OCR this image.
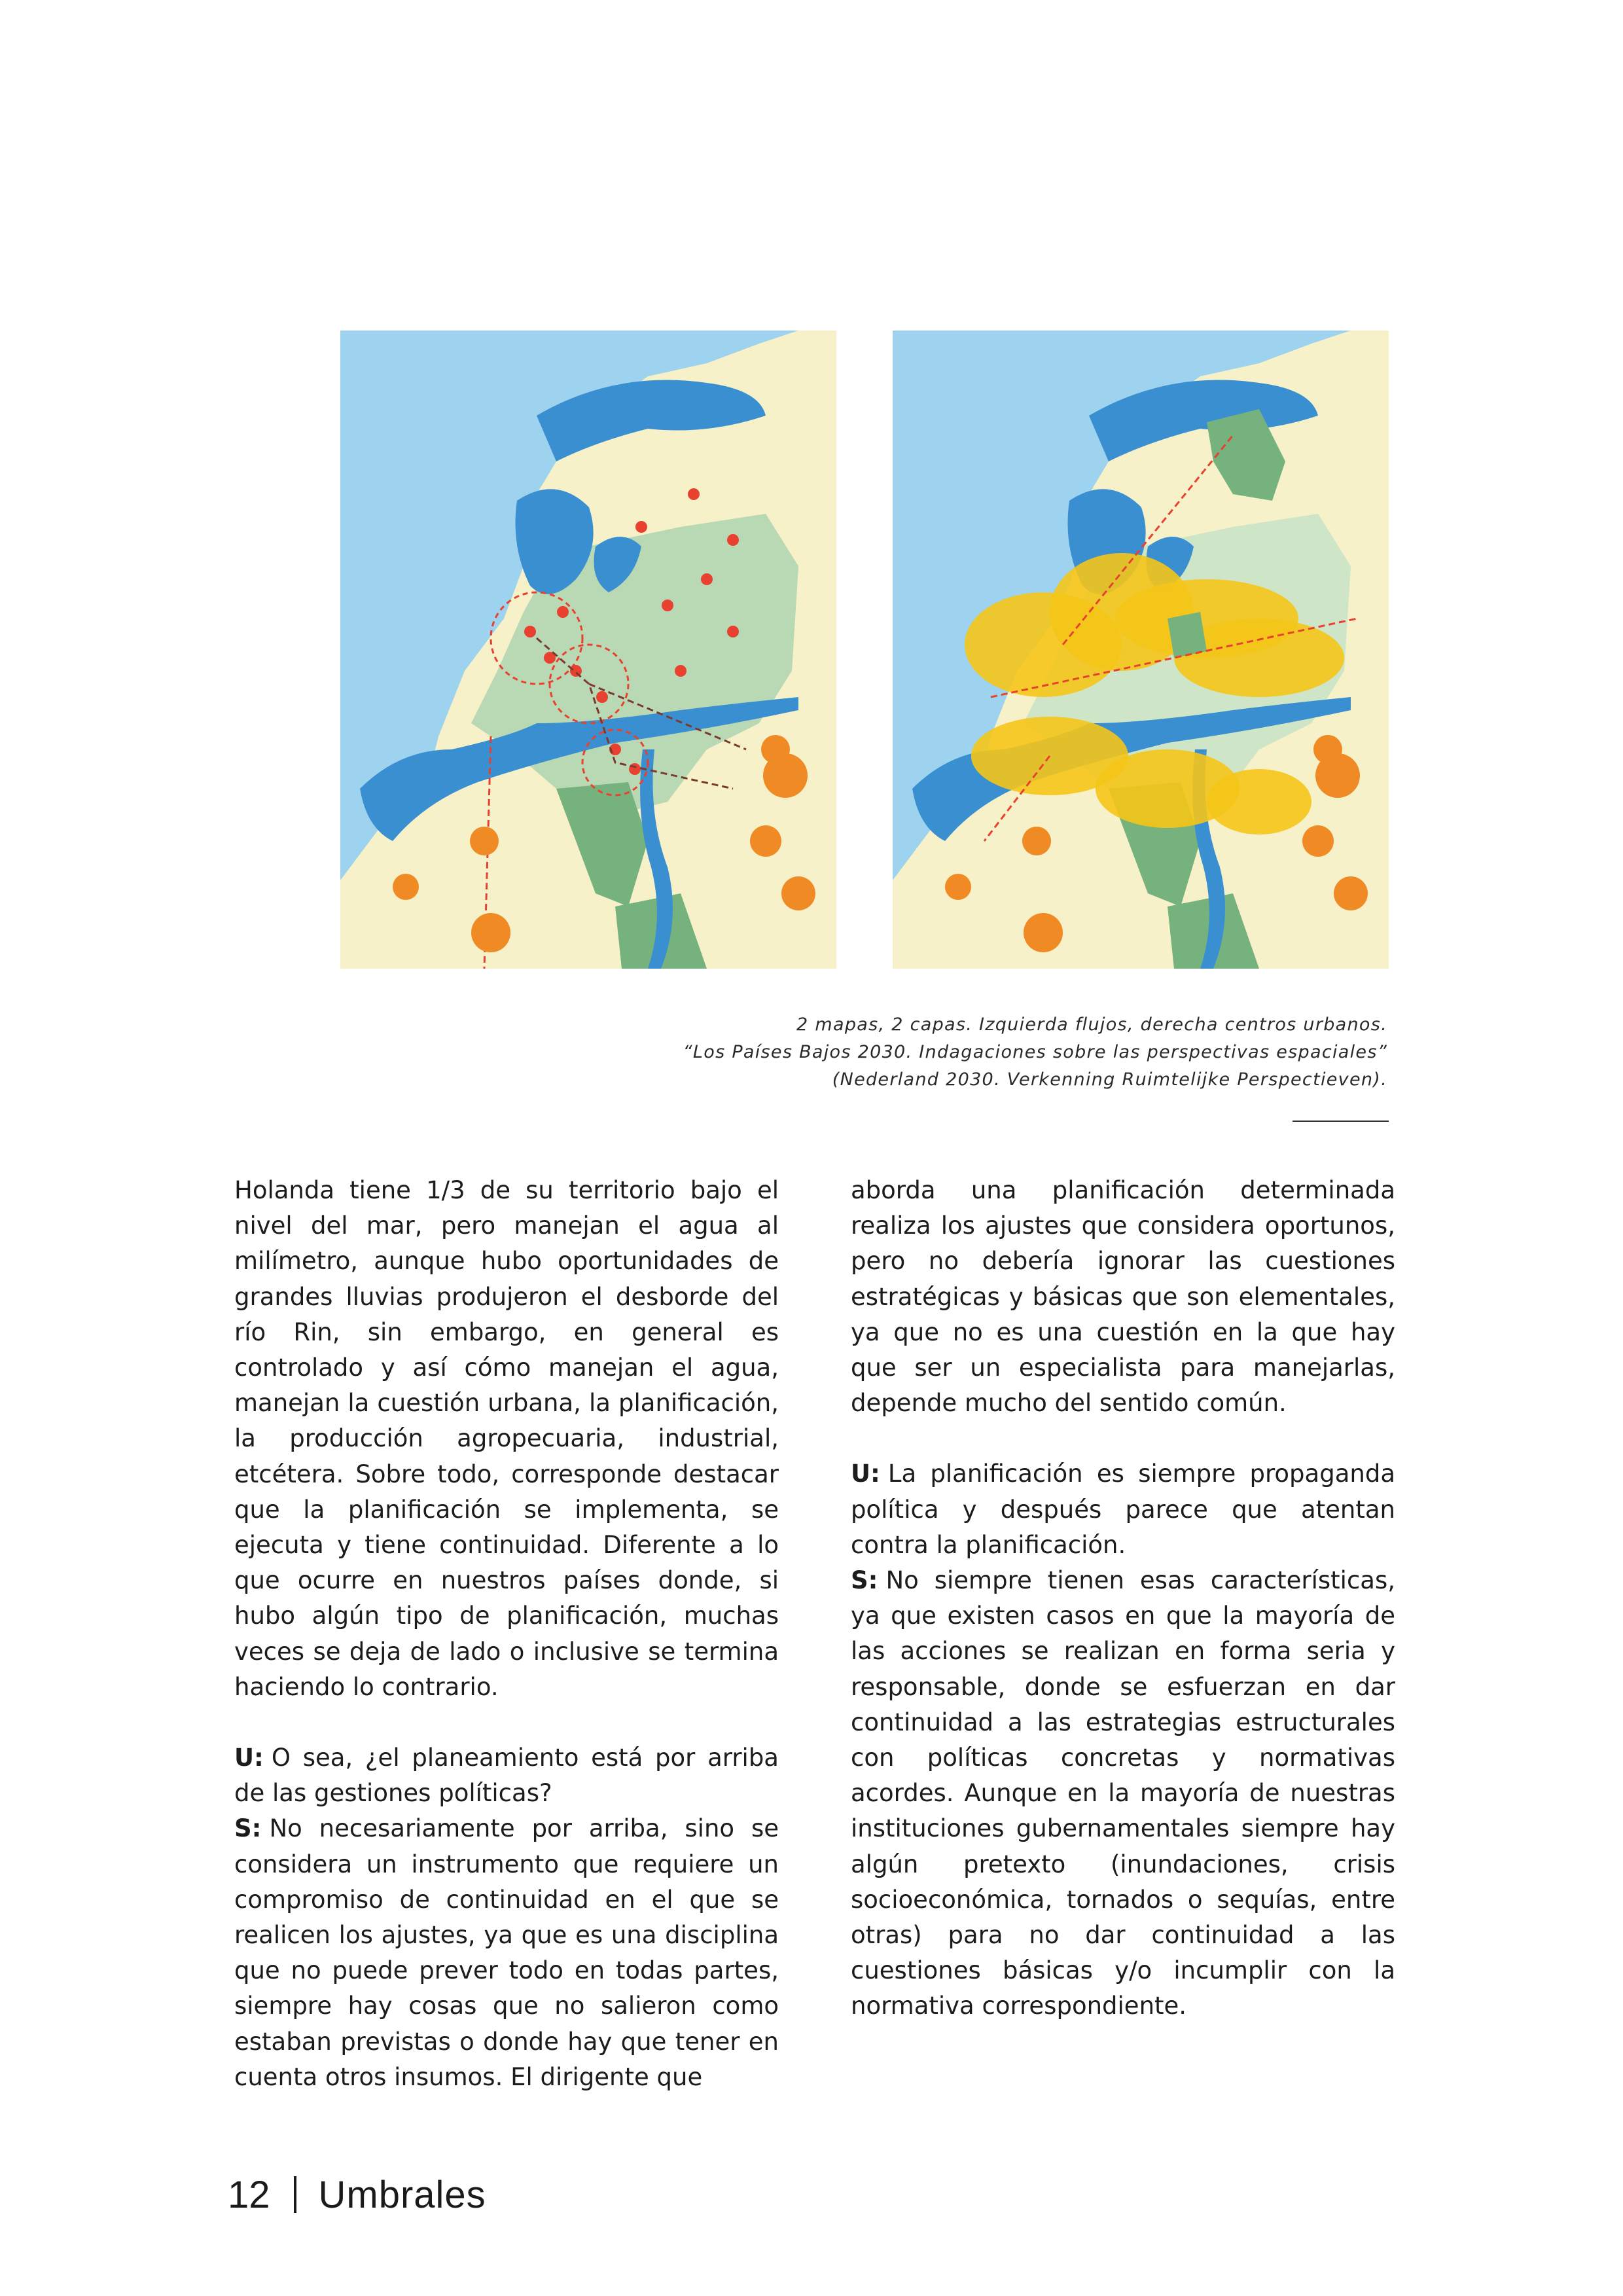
2 mapas, 2 capas. Izquierda flujos, derecha centros urbanos.
“Los Países Bajos 2030. Indagaciones sobre las perspectivas espaciales”
(Nederland 2030. Verkenning Ruimtelijke Perspectieven).

Holanda tiene 1/3 de su territorio bajo el nivel del mar, pero manejan el agua al milímetro, aunque hubo oportunidades de grandes lluvias produjeron el desborde del río Rin, sin embargo, en general es controlado y así cómo manejan el agua, manejan la cuestión urbana, la planificación, la producción agropecuaria, industrial, etcétera. Sobre todo, corresponde destacar que la planificación se implementa, se ejecuta y tiene continuidad. Diferente a lo que ocurre en nuestros países donde, si hubo algún tipo de planificación, muchas veces se deja de lado o inclusive se termina haciendo lo contrario.

U: O sea, ¿el planeamiento está por arriba de las gestiones políticas?

S: No necesariamente por arriba, sino se considera un instrumento que requiere un compromiso de continuidad en el que se realicen los ajustes, ya que es una disciplina que no puede prever todo en todas partes, siempre hay cosas que no salieron como estaban previstas o donde hay que tener en cuenta otros insumos. El dirigente que

aborda una planificación determinada realiza los ajustes que considera oportunos, pero no debería ignorar las cuestiones estratégicas y básicas que son elementales, ya que no es una cuestión en la que hay que ser un especialista para manejarlas, depende mucho del sentido común.

U: La planificación es siempre propaganda política y después parece que atentan contra la planificación.

S: No siempre tienen esas características, ya que existen casos en que la mayoría de las acciones se realizan en forma seria y responsable, donde se esfuerzan en dar continuidad a las estrategias estructurales con políticas concretas y normativas acordes. Aunque en la mayoría de nuestras instituciones gubernamentales siempre hay algún pretexto (inundaciones, crisis socioeconómica, tornados o sequías, entre otras) para no dar continuidad a las cuestiones básicas y/o incumplir con la normativa correspondiente.

12 Umbrales
